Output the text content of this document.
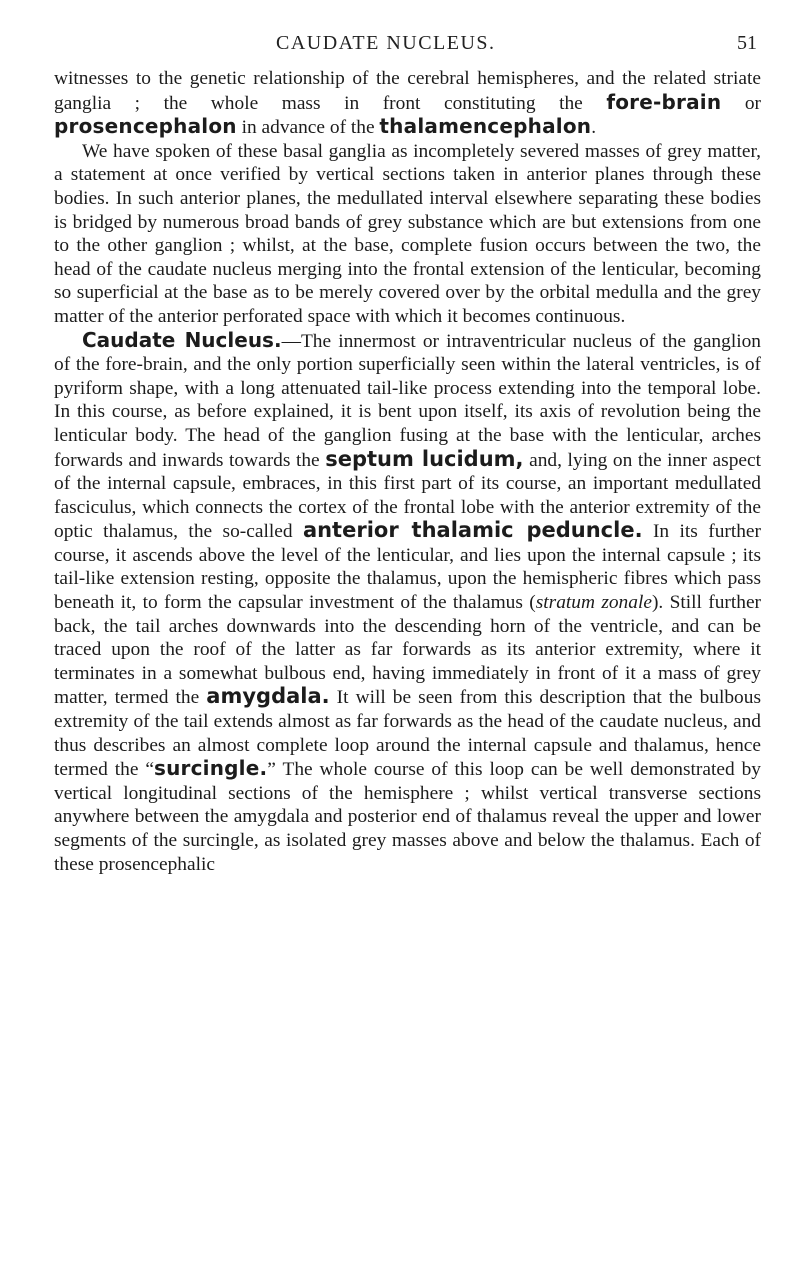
CAUDATE NUCLEUS.	51

witnesses to the genetic relationship of the cerebral hemispheres, and the related striate ganglia ; the whole mass in front constituting the fore-brain or prosencephalon in advance of the thalamencephalon.

We have spoken of these basal ganglia as incompletely severed masses of grey matter, a statement at once verified by vertical sections taken in anterior planes through these bodies. In such anterior planes, the medullated interval elsewhere separating these bodies is bridged by numerous broad bands of grey substance which are but extensions from one to the other ganglion ; whilst, at the base, complete fusion occurs between the two, the head of the caudate nucleus merging into the frontal extension of the lenticular, becoming so superficial at the base as to be merely covered over by the orbital medulla and the grey matter of the anterior perforated space with which it becomes continuous.

Caudate Nucleus.—The innermost or intraventricular nucleus of the ganglion of the fore-brain, and the only portion superficially seen within the lateral ventricles, is of pyriform shape, with a long attenuated tail-like process extending into the temporal lobe. In this course, as before explained, it is bent upon itself, its axis of revolution being the lenticular body. The head of the ganglion fusing at the base with the lenticular, arches forwards and inwards towards the septum lucidum, and, lying on the inner aspect of the internal capsule, embraces, in this first part of its course, an important medullated fasciculus, which connects the cortex of the frontal lobe with the anterior extremity of the optic thalamus, the so-called anterior thalamic peduncle. In its further course, it ascends above the level of the lenticular, and lies upon the internal capsule ; its tail-like extension resting, opposite the thalamus, upon the hemispheric fibres which pass beneath it, to form the capsular investment of the thalamus (stratum zonale). Still further back, the tail arches downwards into the descending horn of the ventricle, and can be traced upon the roof of the latter as far forwards as its anterior extremity, where it terminates in a somewhat bulbous end, having immediately in front of it a mass of grey matter, termed the amygdala. It will be seen from this description that the bulbous extremity of the tail extends almost as far forwards as the head of the caudate nucleus, and thus describes an almost complete loop around the internal capsule and thalamus, hence termed the “surcingle.” The whole course of this loop can be well demonstrated by vertical longitudinal sections of the hemisphere ; whilst vertical transverse sections anywhere between the amygdala and posterior end of thalamus reveal the upper and lower segments of the surcingle, as isolated grey masses above and below the thalamus. Each of these prosencephalic
